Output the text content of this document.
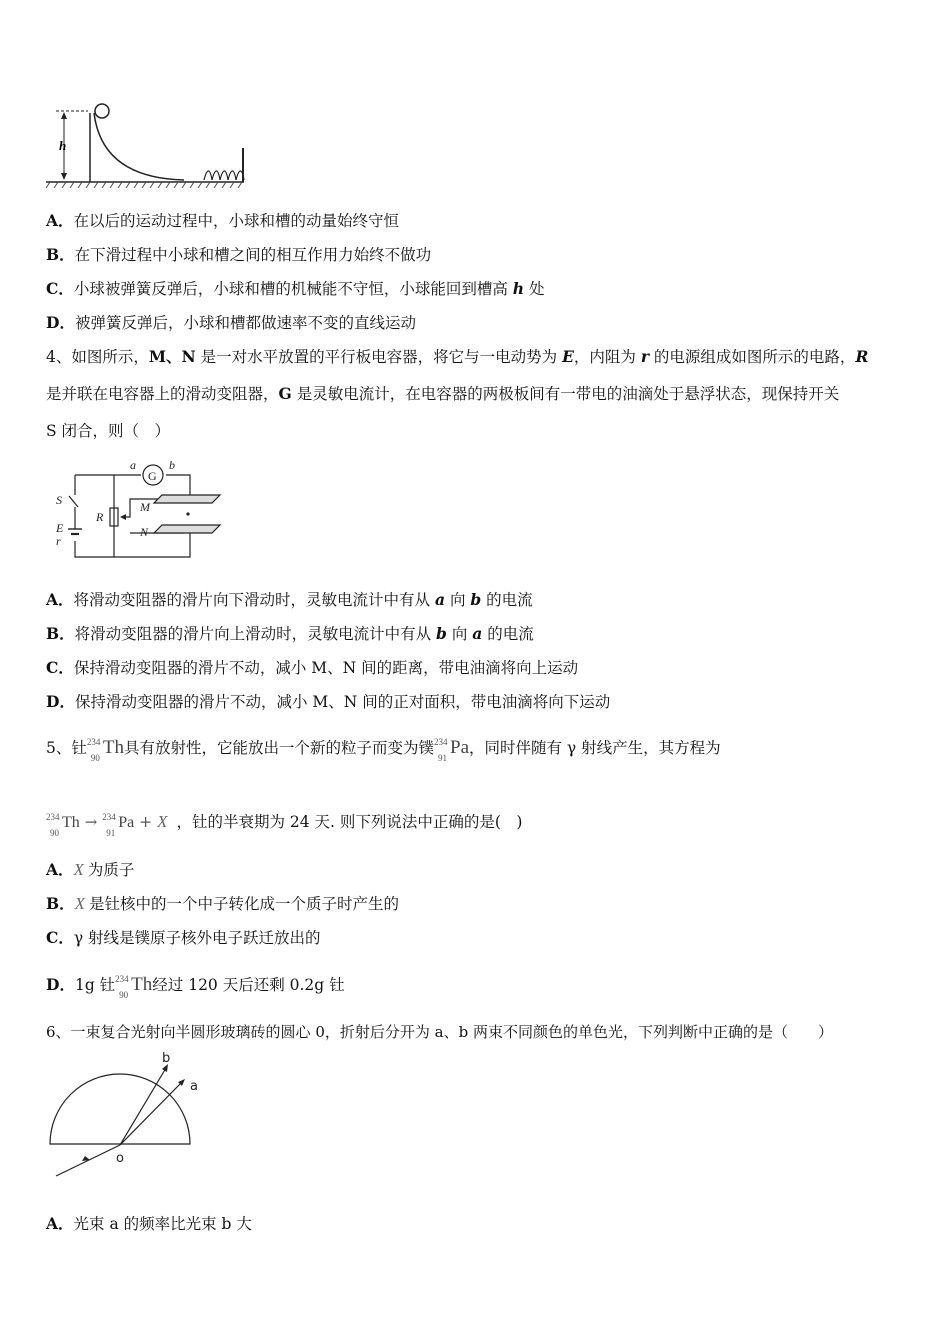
h
A．在以后的运动过程中，小球和槽的动量始终守恒
B．在下滑过程中小球和槽之间的相互作用力始终不做功
C．小球被弹簧反弹后，小球和槽的机械能不守恒，小球能回到槽高 h 处
D．被弹簧反弹后，小球和槽都做速率不变的直线运动
4、如图所示，M、N 是一对水平放置的平行板电容器，将它与一电动势为 E，内阻为 r 的电源组成如图所示的电路，R
是并联在电容器上的滑动变阻器，G 是灵敏电流计，在电容器的两极板间有一带电的油滴处于悬浮状态，现保持开关
S 闭合，则（　）
a	b
G
S
E
r
R
M
N
A．将滑动变阻器的滑片向下滑动时，灵敏电流计中有从 a 向 b 的电流
B．将滑动变阻器的滑片向上滑动时，灵敏电流计中有从 b 向 a 的电流
C．保持滑动变阻器的滑片不动，减小 M、N 间的距离，带电油滴将向上运动
D．保持滑动变阻器的滑片不动，减小 M、N 间的正对面积，带电油滴将向下运动
5、钍 234
90 Th具有放射性，它能放出一个新的粒子而变为镤 234
91 Pa，同时伴随有 γ 射线产生，其方程为
234
90
Th → 234
91
Pa + X ，钍的半衰期为 24 天. 则下列说法中正确的是(　)
A．X 为质子
B．X 是钍核中的一个中子转化成一个质子时产生的
C．γ 射线是镤原子核外电子跃迁放出的
D．1g 钍 234
90 Th经过 120 天后还剩 0.2g 钍
6、一束复合光射向半圆形玻璃砖的圆心 0，折射后分开为 a、b 两束不同颜色的单色光，下列判断中正确的是（　　）
b
a
o
A．光束 a 的频率比光束 b 大
